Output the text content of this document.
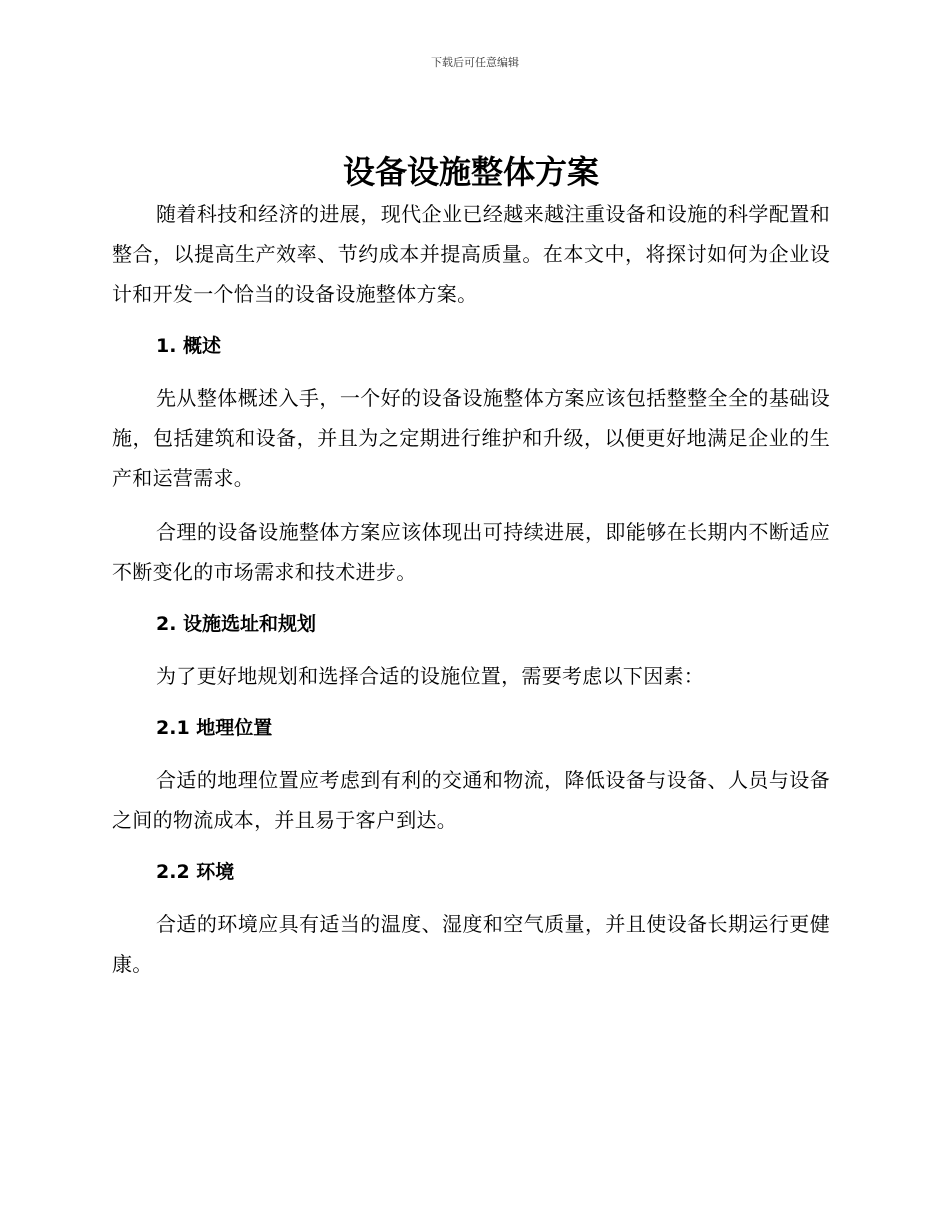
下载后可任意编辑
设备设施整体方案

随着科技和经济的进展，现代企业已经越来越注重设备和设施的科学配置和整合，以提高生产效率、节约成本并提高质量。在本文中，将探讨如何为企业设计和开发一个恰当的设备设施整体方案。

1. 概述

先从整体概述入手，一个好的设备设施整体方案应该包括整整全全的基础设施，包括建筑和设备，并且为之定期进行维护和升级，以便更好地满足企业的生产和运营需求。

合理的设备设施整体方案应该体现出可持续进展，即能够在长期内不断适应不断变化的市场需求和技术进步。

2. 设施选址和规划

为了更好地规划和选择合适的设施位置，需要考虑以下因素：

2.1 地理位置

合适的地理位置应考虑到有利的交通和物流，降低设备与设备、人员与设备之间的物流成本，并且易于客户到达。

2.2 环境

合适的环境应具有适当的温度、湿度和空气质量，并且使设备长期运行更健康。
